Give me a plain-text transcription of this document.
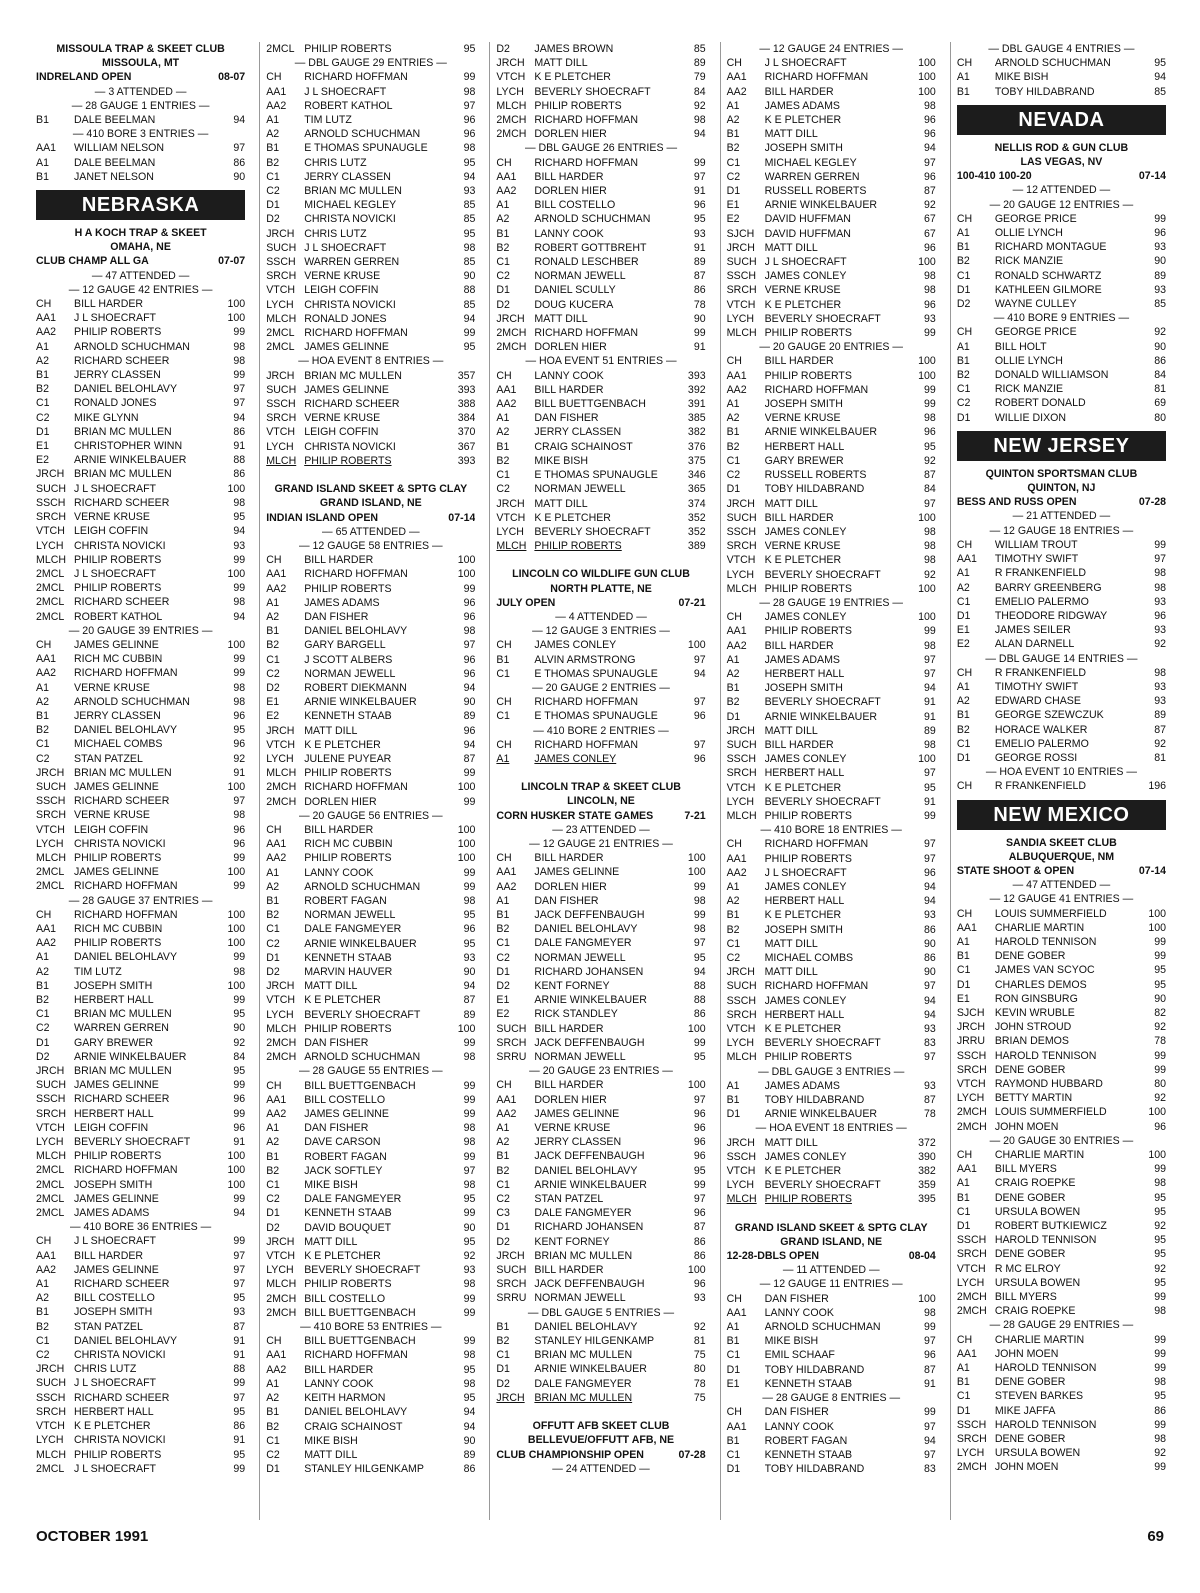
MISSOULA TRAP & SKEET CLUB
MISSOULA, MT
INDRELAND OPEN	08-07
— 3 ATTENDED —
— 28 GAUGE 1 ENTRIES —
B1	DALE BEELMAN	94
— 410 BORE 3 ENTRIES —
AA1	WILLIAM NELSON	97
A1	DALE BEELMAN	86
B1	JANET NELSON	90
NEBRASKA
H A KOCH TRAP & SKEET
OMAHA, NE
CLUB CHAMP ALL GA	07-07
— 47 ATTENDED —
— 12 GAUGE 42 ENTRIES —
CH	BILL HARDER	100
AA1	J L SHOECRAFT	100
AA2	PHILIP ROBERTS	99
A1	ARNOLD SCHUCHMAN	98
A2	RICHARD SCHEER	98
B1	JERRY CLASSEN	99
B2	DANIEL BELOHLAVY	97
C1	RONALD JONES	97
C2	MIKE GLYNN	94
D1	BRIAN MC MULLEN	86
E1	CHRISTOPHER WINN	91
E2	ARNIE WINKELBAUER	88
JRCH BRIAN MC MULLEN	86
SUCH J L SHOECRAFT	100
SSCH RICHARD SCHEER	98
SRCH VERNE KRUSE	95
VTCH LEIGH COFFIN	94
LYCH CHRISTA NOVICKI	93
MLCH PHILIP ROBERTS	99
2MCL J L SHOECRAFT	100
2MCL PHILIP ROBERTS	99
2MCL RICHARD SCHEER	98
2MCL ROBERT KATHOL	94
— 20 GAUGE 39 ENTRIES —
CH	JAMES GELINNE	100
AA1	RICH MC CUBBIN	99
AA2	RICHARD HOFFMAN	99
A1	VERNE KRUSE	98
A2	ARNOLD SCHUCHMAN	98
B1	JERRY CLASSEN	96
B2	DANIEL BELOHLAVY	95
C1	MICHAEL COMBS	96
C2	STAN PATZEL	92
JRCH BRIAN MC MULLEN	91
SUCH JAMES GELINNE	100
SSCH RICHARD SCHEER	97
SRCH VERNE KRUSE	98
VTCH LEIGH COFFIN	96
LYCH CHRISTA NOVICKI	96
MLCH PHILIP ROBERTS	99
2MCL JAMES GELINNE	100
2MCL RICHARD HOFFMAN	99
— 28 GAUGE 37 ENTRIES —
CH	RICHARD HOFFMAN	100
AA1	RICH MC CUBBIN	100
AA2	PHILIP ROBERTS	100
A1	DANIEL BELOHLAVY	99
A2	TIM LUTZ	98
B1	JOSEPH SMITH	100
B2	HERBERT HALL	99
C1	BRIAN MC MULLEN	95
C2	WARREN GERREN	90
D1	GARY BREWER	92
D2	ARNIE WINKELBAUER	84
JRCH BRIAN MC MULLEN	95
SUCH JAMES GELINNE	99
SSCH RICHARD SCHEER	96
SRCH HERBERT HALL	99
VTCH LEIGH COFFIN	96
LYCH BEVERLY SHOECRAFT	91
MLCH PHILIP ROBERTS	100
2MCL RICHARD HOFFMAN	100
2MCL JOSEPH SMITH	100
2MCL JAMES GELINNE	99
2MCL JAMES ADAMS	94
— 410 BORE 36 ENTRIES —
CH	J L SHOECRAFT	99
AA1	BILL HARDER	97
AA2	JAMES GELINNE	97
A1	RICHARD SCHEER	97
A2	BILL COSTELLO	95
B1	JOSEPH SMITH	93
B2	STAN PATZEL	87
C1	DANIEL BELOHLAVY	91
C2	CHRISTA NOVICKI	91
JRCH CHRIS LUTZ	88
SUCH J L SHOECRAFT	99
SSCH RICHARD SCHEER	97
SRCH HERBERT HALL	95
VTCH K E PLETCHER	86
LYCH CHRISTA NOVICKI	91
MLCH PHILIP ROBERTS	95
2MCL J L SHOECRAFT	99
2MCL PHILIP ROBERTS	95
— DBL GAUGE 29 ENTRIES —
CH	RICHARD HOFFMAN	99
AA1	J L SHOECRAFT	98
AA2	ROBERT KATHOL	97
A1	TIM LUTZ	96
A2	ARNOLD SCHUCHMAN	96
B1	E THOMAS SPUNAUGLE	98
B2	CHRIS LUTZ	95
C1	JERRY CLASSEN	94
C2	BRIAN MC MULLEN	93
D1	MICHAEL KEGLEY	85
D2	CHRISTA NOVICKI	85
JRCH CHRIS LUTZ	95
SUCH J L SHOECRAFT	98
SSCH WARREN GERREN	85
SRCH VERNE KRUSE	90
VTCH LEIGH COFFIN	88
LYCH CHRISTA NOVICKI	85
MLCH RONALD JONES	94
2MCL RICHARD HOFFMAN	99
2MCL JAMES GELINNE	95
— HOA EVENT 8 ENTRIES —
JRCH BRIAN MC MULLEN	357
SUCH JAMES GELINNE	393
SSCH RICHARD SCHEER	388
SRCH VERNE KRUSE	384
VTCH LEIGH COFFIN	370
LYCH CHRISTA NOVICKI	367
MLCH PHILIP ROBERTS	393
GRAND ISLAND SKEET & SPTG CLAY
GRAND ISLAND, NE
INDIAN ISLAND OPEN	07-14
— 65 ATTENDED —
— 12 GAUGE 58 ENTRIES —
CH	BILL HARDER	100
AA1	RICHARD HOFFMAN	100
AA2	PHILIP ROBERTS	99
A1	JAMES ADAMS	96
A2	DAN FISHER	96
B1	DANIEL BELOHLAVY	98
B2	GARY BARGELL	97
C1	J SCOTT ALBERS	96
C2	NORMAN JEWELL	96
D2	ROBERT DIEKMANN	94
E1	ARNIE WINKELBAUER	90
E2	KENNETH STAAB	89
JRCH MATT DILL	96
VTCH K E PLETCHER	94
LYCH JULENE PUYEAR	87
MLCH PHILIP ROBERTS	99
2MCH RICHARD HOFFMAN	100
2MCH DORLEN HIER	99
— 20 GAUGE 56 ENTRIES —
CH	BILL HARDER	100
AA1	RICH MC CUBBIN	100
AA2	PHILIP ROBERTS	100
A1	LANNY COOK	99
A2	ARNOLD SCHUCHMAN	99
B1	ROBERT FAGAN	98
B2	NORMAN JEWELL	95
C1	DALE FANGMEYER	96
C2	ARNIE WINKELBAUER	95
D1	KENNETH STAAB	93
D2	MARVIN HAUVER	90
JRCH MATT DILL	94
VTCH K E PLETCHER	87
LYCH BEVERLY SHOECRAFT	89
MLCH PHILIP ROBERTS	100
2MCH DAN FISHER	99
2MCH ARNOLD SCHUCHMAN	98
— 28 GAUGE 55 ENTRIES —
CH	BILL BUETTGENBACH	99
AA1	BILL COSTELLO	99
AA2	JAMES GELINNE	99
A1	DAN FISHER	98
A2	DAVE CARSON	98
B1	ROBERT FAGAN	99
B2	JACK SOFTLEY	97
C1	MIKE BISH	98
C2	DALE FANGMEYER	95
D1	KENNETH STAAB	99
D2	DAVID BOUQUET	90
JRCH MATT DILL	95
VTCH K E PLETCHER	92
LYCH BEVERLY SHOECRAFT	93
MLCH PHILIP ROBERTS	98
2MCH BILL COSTELLO	99
2MCH BILL BUETTGENBACH	99
— 410 BORE 53 ENTRIES —
CH	BILL BUETTGENBACH	99
AA1	RICHARD HOFFMAN	98
AA2	BILL HARDER	95
A1	LANNY COOK	98
A2	KEITH HARMON	95
B1	DANIEL BELOHLAVY	94
B2	CRAIG SCHAINOST	94
C1	MIKE BISH	90
C2	MATT DILL	89
D1	STANLEY HILGENKAMP	86
D2	JAMES BROWN	85
JRCH MATT DILL	89
VTCH K E PLETCHER	79
LYCH BEVERLY SHOECRAFT	84
MLCH PHILIP ROBERTS	92
2MCH RICHARD HOFFMAN	98
2MCH DORLEN HIER	94
— DBL GAUGE 26 ENTRIES —
CH	RICHARD HOFFMAN	99
AA1	BILL HARDER	97
AA2	DORLEN HIER	91
A1	BILL COSTELLO	96
A2	ARNOLD SCHUCHMAN	95
B1	LANNY COOK	93
B2	ROBERT GOTTBREHT	91
C1	RONALD LESCHBER	89
C2	NORMAN JEWELL	87
D1	DANIEL SCULLY	86
D2	DOUG KUCERA	78
JRCH MATT DILL	90
2MCH RICHARD HOFFMAN	99
2MCH DORLEN HIER	91
— HOA EVENT 51 ENTRIES —
CH	LANNY COOK	393
AA1	BILL HARDER	392
AA2	BILL BUETTGENBACH	391
A1	DAN FISHER	385
A2	JERRY CLASSEN	382
B1	CRAIG SCHAINOST	376
B2	MIKE BISH	375
C1	E THOMAS SPUNAUGLE	346
C2	NORMAN JEWELL	365
JRCH MATT DILL	374
VTCH K E PLETCHER	352
LYCH BEVERLY SHOECRAFT	352
MLCH PHILIP ROBERTS	389
LINCOLN CO WILDLIFE GUN CLUB
NORTH PLATTE, NE
JULY OPEN	07-21
— 4 ATTENDED —
— 12 GAUGE 3 ENTRIES —
CH	JAMES CONLEY	100
B1	ALVIN ARMSTRONG	97
C1	E THOMAS SPUNAUGLE	94
— 20 GAUGE 2 ENTRIES —
CH	RICHARD HOFFMAN	97
C1	E THOMAS SPUNAUGLE	96
— 410 BORE 2 ENTRIES —
CH	RICHARD HOFFMAN	97
A1	JAMES CONLEY	96
LINCOLN TRAP & SKEET CLUB
LINCOLN, NE
CORN HUSKER STATE GAMES	7-21
— 23 ATTENDED —
— 12 GAUGE 21 ENTRIES —
CH	BILL HARDER	100
AA1	JAMES GELINNE	100
AA2	DORLEN HIER	99
A1	DAN FISHER	98
B1	JACK DEFFENBAUGH	99
B2	DANIEL BELOHLAVY	98
C1	DALE FANGMEYER	97
C2	NORMAN JEWELL	95
D1	RICHARD JOHANSEN	94
D2	KENT FORNEY	88
E1	ARNIE WINKELBAUER	88
E2	RICK STANDLEY	86
SUCH BILL HARDER	100
SRCH JACK DEFFENBAUGH	99
SRRU NORMAN JEWELL	95
— 20 GAUGE 23 ENTRIES —
CH	BILL HARDER	100
AA1	DORLEN HIER	97
AA2	JAMES GELINNE	96
A1	VERNE KRUSE	96
A2	JERRY CLASSEN	96
B1	JACK DEFFENBAUGH	96
B2	DANIEL BELOHLAVY	95
C1	ARNIE WINKELBAUER	99
C2	STAN PATZEL	97
C3	DALE FANGMEYER	96
D1	RICHARD JOHANSEN	87
D2	KENT FORNEY	86
JRCH BRIAN MC MULLEN	86
SUCH BILL HARDER	100
SRCH JACK DEFFENBAUGH	96
SRRU NORMAN JEWELL	93
— DBL GAUGE 5 ENTRIES —
B1	DANIEL BELOHLAVY	92
B2	STANLEY HILGENKAMP	81
C1	BRIAN MC MULLEN	75
D1	ARNIE WINKELBAUER	80
D2	DALE FANGMEYER	78
JRCH BRIAN MC MULLEN	75
OFFUTT AFB SKEET CLUB
BELLEVUE/OFFUTT AFB, NE
CLUB CHAMPIONSHIP OPEN	07-28
— 24 ATTENDED —
— 12 GAUGE 24 ENTRIES —
CH	J L SHOECRAFT	100
AA1	RICHARD HOFFMAN	100
AA2	BILL HARDER	100
A1	JAMES ADAMS	98
A2	K E PLETCHER	96
B1	MATT DILL	96
B2	JOSEPH SMITH	94
C1	MICHAEL KEGLEY	97
C2	WARREN GERREN	96
D1	RUSSELL ROBERTS	87
E1	ARNIE WINKELBAUER	92
E2	DAVID HUFFMAN	67
SJCH DAVID HUFFMAN	67
JRCH MATT DILL	96
SUCH J L SHOECRAFT	100
SSCH JAMES CONLEY	98
SRCH VERNE KRUSE	98
VTCH K E PLETCHER	96
LYCH BEVERLY SHOECRAFT	93
MLCH PHILIP ROBERTS	99
— 20 GAUGE 20 ENTRIES —
CH	BILL HARDER	100
AA1	PHILIP ROBERTS	100
AA2	RICHARD HOFFMAN	99
A1	JOSEPH SMITH	99
A2	VERNE KRUSE	98
B1	ARNIE WINKELBAUER	96
B2	HERBERT HALL	95
C1	GARY BREWER	92
C2	RUSSELL ROBERTS	87
D1	TOBY HILDABRAND	84
JRCH MATT DILL	97
SUCH BILL HARDER	100
SSCH JAMES CONLEY	98
SRCH VERNE KRUSE	98
VTCH K E PLETCHER	98
LYCH BEVERLY SHOECRAFT	92
MLCH PHILIP ROBERTS	100
— 28 GAUGE 19 ENTRIES —
CH	JAMES CONLEY	100
AA1	PHILIP ROBERTS	99
AA2	BILL HARDER	98
A1	JAMES ADAMS	97
A2	HERBERT HALL	97
B1	JOSEPH SMITH	94
B2	BEVERLY SHOECRAFT	91
D1	ARNIE WINKELBAUER	91
JRCH MATT DILL	89
SUCH BILL HARDER	98
SSCH JAMES CONLEY	100
SRCH HERBERT HALL	97
VTCH K E PLETCHER	95
LYCH BEVERLY SHOECRAFT	91
MLCH PHILIP ROBERTS	99
— 410 BORE 18 ENTRIES —
CH	RICHARD HOFFMAN	97
AA1	PHILIP ROBERTS	97
AA2	J L SHOECRAFT	96
A1	JAMES CONLEY	94
A2	HERBERT HALL	94
B1	K E PLETCHER	93
B2	JOSEPH SMITH	86
C1	MATT DILL	90
C2	MICHAEL COMBS	86
JRCH MATT DILL	90
SUCH RICHARD HOFFMAN	97
SSCH JAMES CONLEY	94
SRCH HERBERT HALL	94
VTCH K E PLETCHER	93
LYCH BEVERLY SHOECRAFT	83
MLCH PHILIP ROBERTS	97
— DBL GAUGE 3 ENTRIES —
A1	JAMES ADAMS	93
B1	TOBY HILDABRAND	87
D1	ARNIE WINKELBAUER	78
— HOA EVENT 18 ENTRIES —
JRCH MATT DILL	372
SSCH JAMES CONLEY	390
VTCH K E PLETCHER	382
LYCH BEVERLY SHOECRAFT	359
MLCH PHILIP ROBERTS	395
GRAND ISLAND SKEET & SPTG CLAY
GRAND ISLAND, NE
12-28-DBLS OPEN	08-04
— 11 ATTENDED —
— 12 GAUGE 11 ENTRIES —
CH	DAN FISHER	100
AA1	LANNY COOK	98
A1	ARNOLD SCHUCHMAN	99
B1	MIKE BISH	97
C1	EMIL SCHAAF	96
D1	TOBY HILDABRAND	87
E1	KENNETH STAAB	91
— 28 GAUGE 8 ENTRIES —
CH	DAN FISHER	99
AA1	LANNY COOK	97
B1	ROBERT FAGAN	94
C1	KENNETH STAAB	97
D1	TOBY HILDABRAND	83
— DBL GAUGE 4 ENTRIES —
CH	ARNOLD SCHUCHMAN	95
A1	MIKE BISH	94
B1	TOBY HILDABRAND	85
NEVADA
NELLIS ROD & GUN CLUB
LAS VEGAS, NV
100-410 100-20	07-14
— 12 ATTENDED —
— 20 GAUGE 12 ENTRIES —
CH	GEORGE PRICE	99
A1	OLLIE LYNCH	96
B1	RICHARD MONTAGUE	93
B2	RICK MANZIE	90
C1	RONALD SCHWARTZ	89
D1	KATHLEEN GILMORE	93
D2	WAYNE CULLEY	85
— 410 BORE 9 ENTRIES —
CH	GEORGE PRICE	92
A1	BILL HOLT	90
B1	OLLIE LYNCH	86
B2	DONALD WILLIAMSON	84
C1	RICK MANZIE	81
C2	ROBERT DONALD	69
D1	WILLIE DIXON	80
NEW JERSEY
QUINTON SPORTSMAN CLUB
QUINTON, NJ
BESS AND RUSS OPEN	07-28
— 21 ATTENDED —
— 12 GAUGE 18 ENTRIES —
CH	WILLIAM TROUT	99
AA1	TIMOTHY SWIFT	97
A1	R FRANKENFIELD	98
A2	BARRY GREENBERG	98
C1	EMELIO PALERMO	93
D1	THEODORE RIDGWAY	96
E1	JAMES SEILER	93
E2	ALAN DARNELL	92
— DBL GAUGE 14 ENTRIES —
CH	R FRANKENFIELD	98
A1	TIMOTHY SWIFT	93
A2	EDWARD CHASE	93
B1	GEORGE SZEWCZUK	89
B2	HORACE WALKER	87
C1	EMELIO PALERMO	92
D1	GEORGE ROSSI	81
— HOA EVENT 10 ENTRIES —
CH	R FRANKENFIELD	196
NEW MEXICO
SANDIA SKEET CLUB
ALBUQUERQUE, NM
STATE SHOOT & OPEN	07-14
— 47 ATTENDED —
— 12 GAUGE 41 ENTRIES —
CH	LOUIS SUMMERFIELD	100
AA1	CHARLIE MARTIN	100
A1	HAROLD TENNISON	99
B1	DENE GOBER	99
C1	JAMES VAN SCYOC	95
D1	CHARLES DEMOS	95
E1	RON GINSBURG	90
SJCH KEVIN WRUBLE	82
JRCH JOHN STROUD	92
JRRU BRIAN DEMOS	78
SSCH HAROLD TENNISON	99
SRCH DENE GOBER	99
VTCH RAYMOND HUBBARD	80
LYCH BETTY MARTIN	92
2MCH LOUIS SUMMERFIELD	100
2MCH JOHN MOEN	96
— 20 GAUGE 30 ENTRIES —
CH	CHARLIE MARTIN	100
AA1	BILL MYERS	99
A1	CRAIG ROEPKE	98
B1	DENE GOBER	95
C1	URSULA BOWEN	95
D1	ROBERT BUTKIEWICZ	92
SSCH HAROLD TENNISON	95
SRCH DENE GOBER	95
VTCH R MC ELROY	92
LYCH URSULA BOWEN	95
2MCH BILL MYERS	99
2MCH CRAIG ROEPKE	98
— 28 GAUGE 29 ENTRIES —
CH	CHARLIE MARTIN	99
AA1	JOHN MOEN	99
A1	HAROLD TENNISON	99
B1	DENE GOBER	98
C1	STEVEN BARKES	95
D1	MIKE JAFFA	86
SSCH HAROLD TENNISON	99
SRCH DENE GOBER	98
LYCH URSULA BOWEN	92
2MCH JOHN MOEN	99
OCTOBER 1991	69
